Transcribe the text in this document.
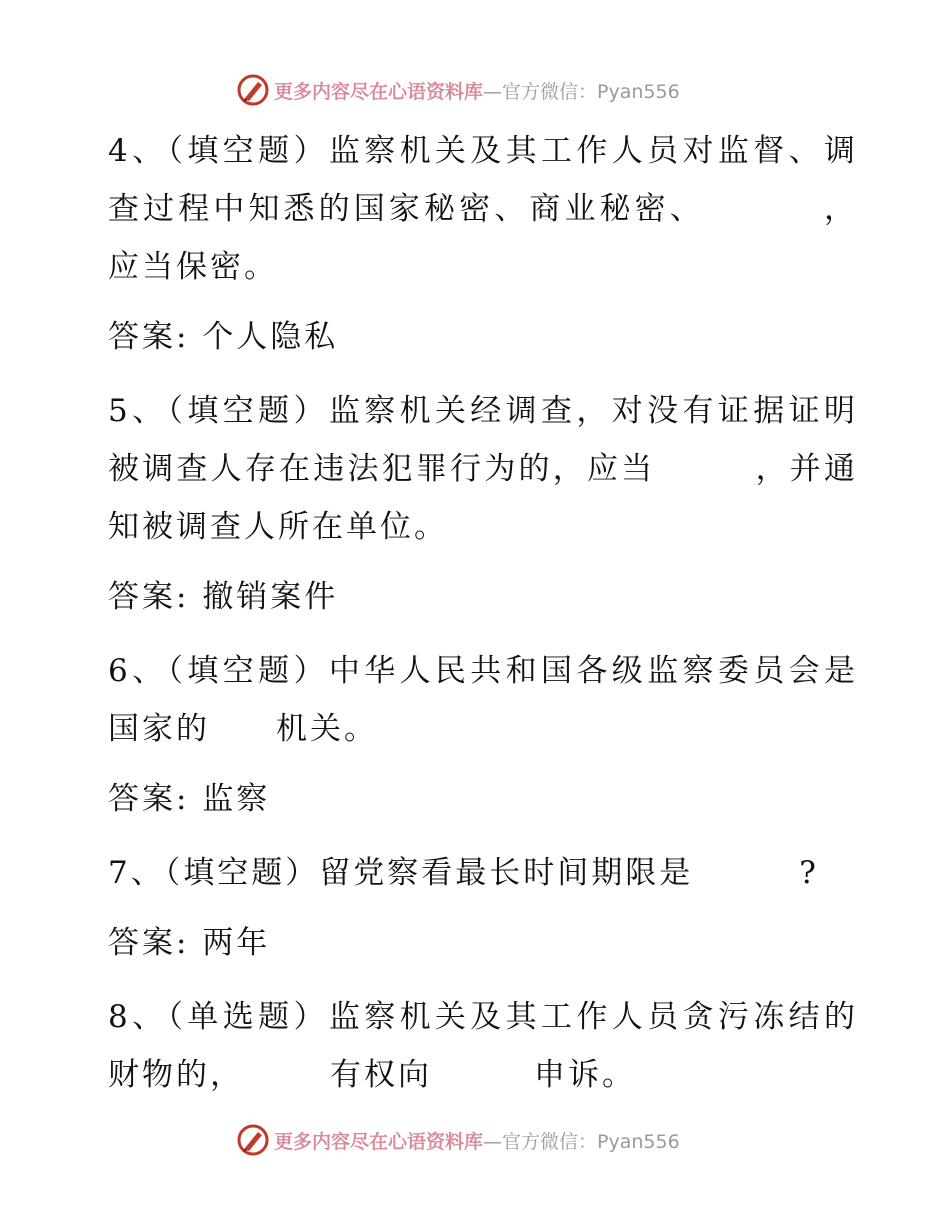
更多内容尽在心语资料库 —官方微信：Pyan556

4、（填空题）监察机关及其工作人员对监督、调查过程中知悉的国家秘密、商业秘密、	，应当保密。

答案: 个人隐私

5、（填空题）监察机关经调查，对没有证据证明被调查人存在违法犯罪行为的，应当	，并通知被调查人所在单位。

答案: 撤销案件

6、（填空题）中华人民共和国各级监察委员会是国家的 机关。

答案: 监察

7、（填空题）留党察看最长时间期限是	?

答案: 两年

8、（单选题）监察机关及其工作人员贪污冻结的财物的，	有权向	申诉。

更多内容尽在心语资料库 —官方微信：Pyan556
